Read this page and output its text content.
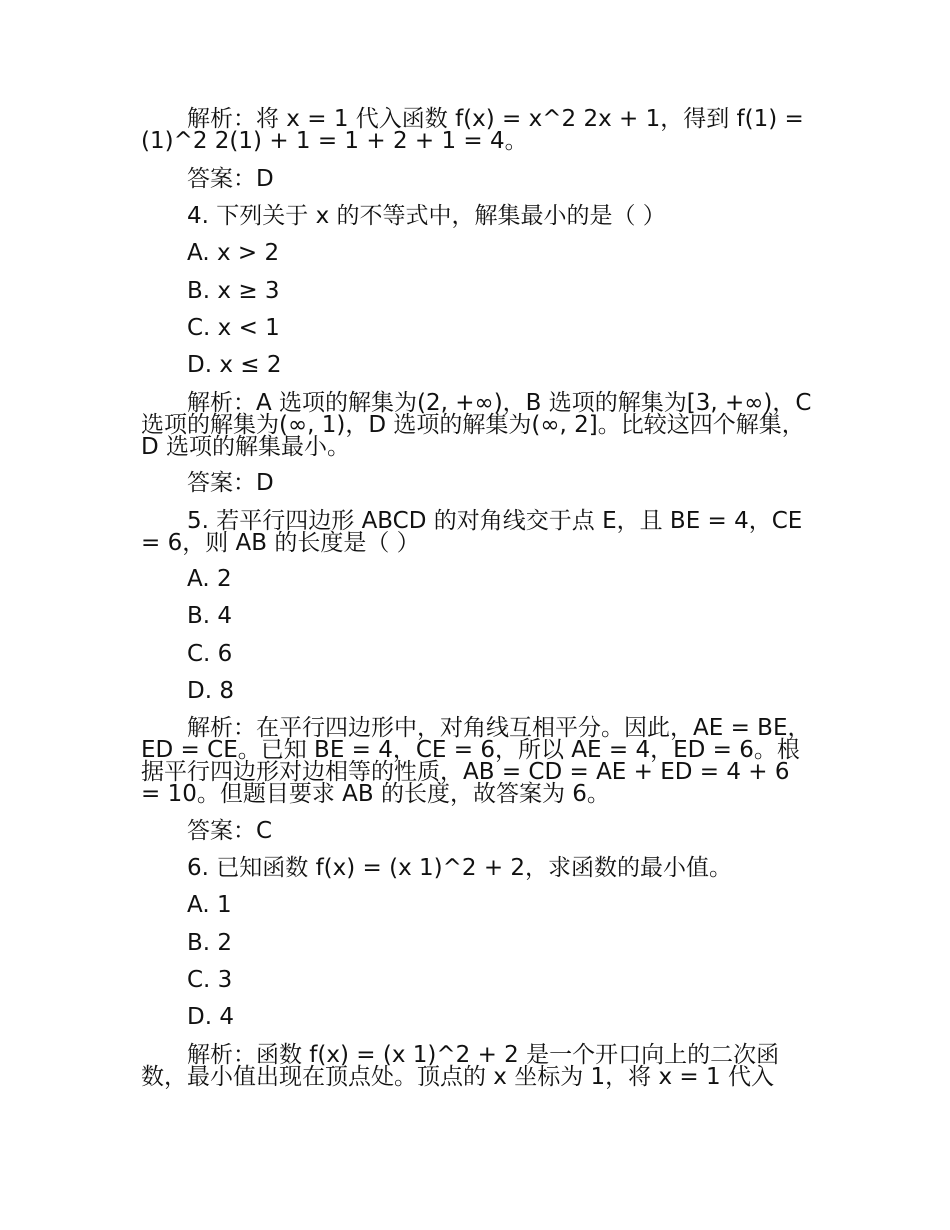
解析：将 x = 1 代入函数 f(x) = x^2 2x + 1，得到 f(1) = (1)^2 2(1) + 1 = 1 + 2 + 1 = 4。

答案：D

4. 下列关于 x 的不等式中，解集最小的是（ ）

A. x > 2

B. x ≥ 3

C. x < 1

D. x ≤ 2

解析：A 选项的解集为(2, +∞)，B 选项的解集为[3, +∞)，C 选项的解集为(∞, 1)，D 选项的解集为(∞, 2]。比较这四个解集，D 选项的解集最小。

答案：D

5. 若平行四边形 ABCD 的对角线交于点 E，且 BE = 4，CE = 6，则 AB 的长度是（ ）

A. 2

B. 4

C. 6

D. 8

解析：在平行四边形中，对角线互相平分。因此，AE = BE，ED = CE。已知 BE = 4，CE = 6，所以 AE = 4，ED = 6。根据平行四边形对边相等的性质，AB = CD = AE + ED = 4 + 6 = 10。但题目要求 AB 的长度，故答案为 6。

答案：C

6. 已知函数 f(x) = (x 1)^2 + 2，求函数的最小值。

A. 1

B. 2

C. 3

D. 4

解析：函数 f(x) = (x 1)^2 + 2 是一个开口向上的二次函数，最小值出现在顶点处。顶点的 x 坐标为 1，将 x = 1 代入
